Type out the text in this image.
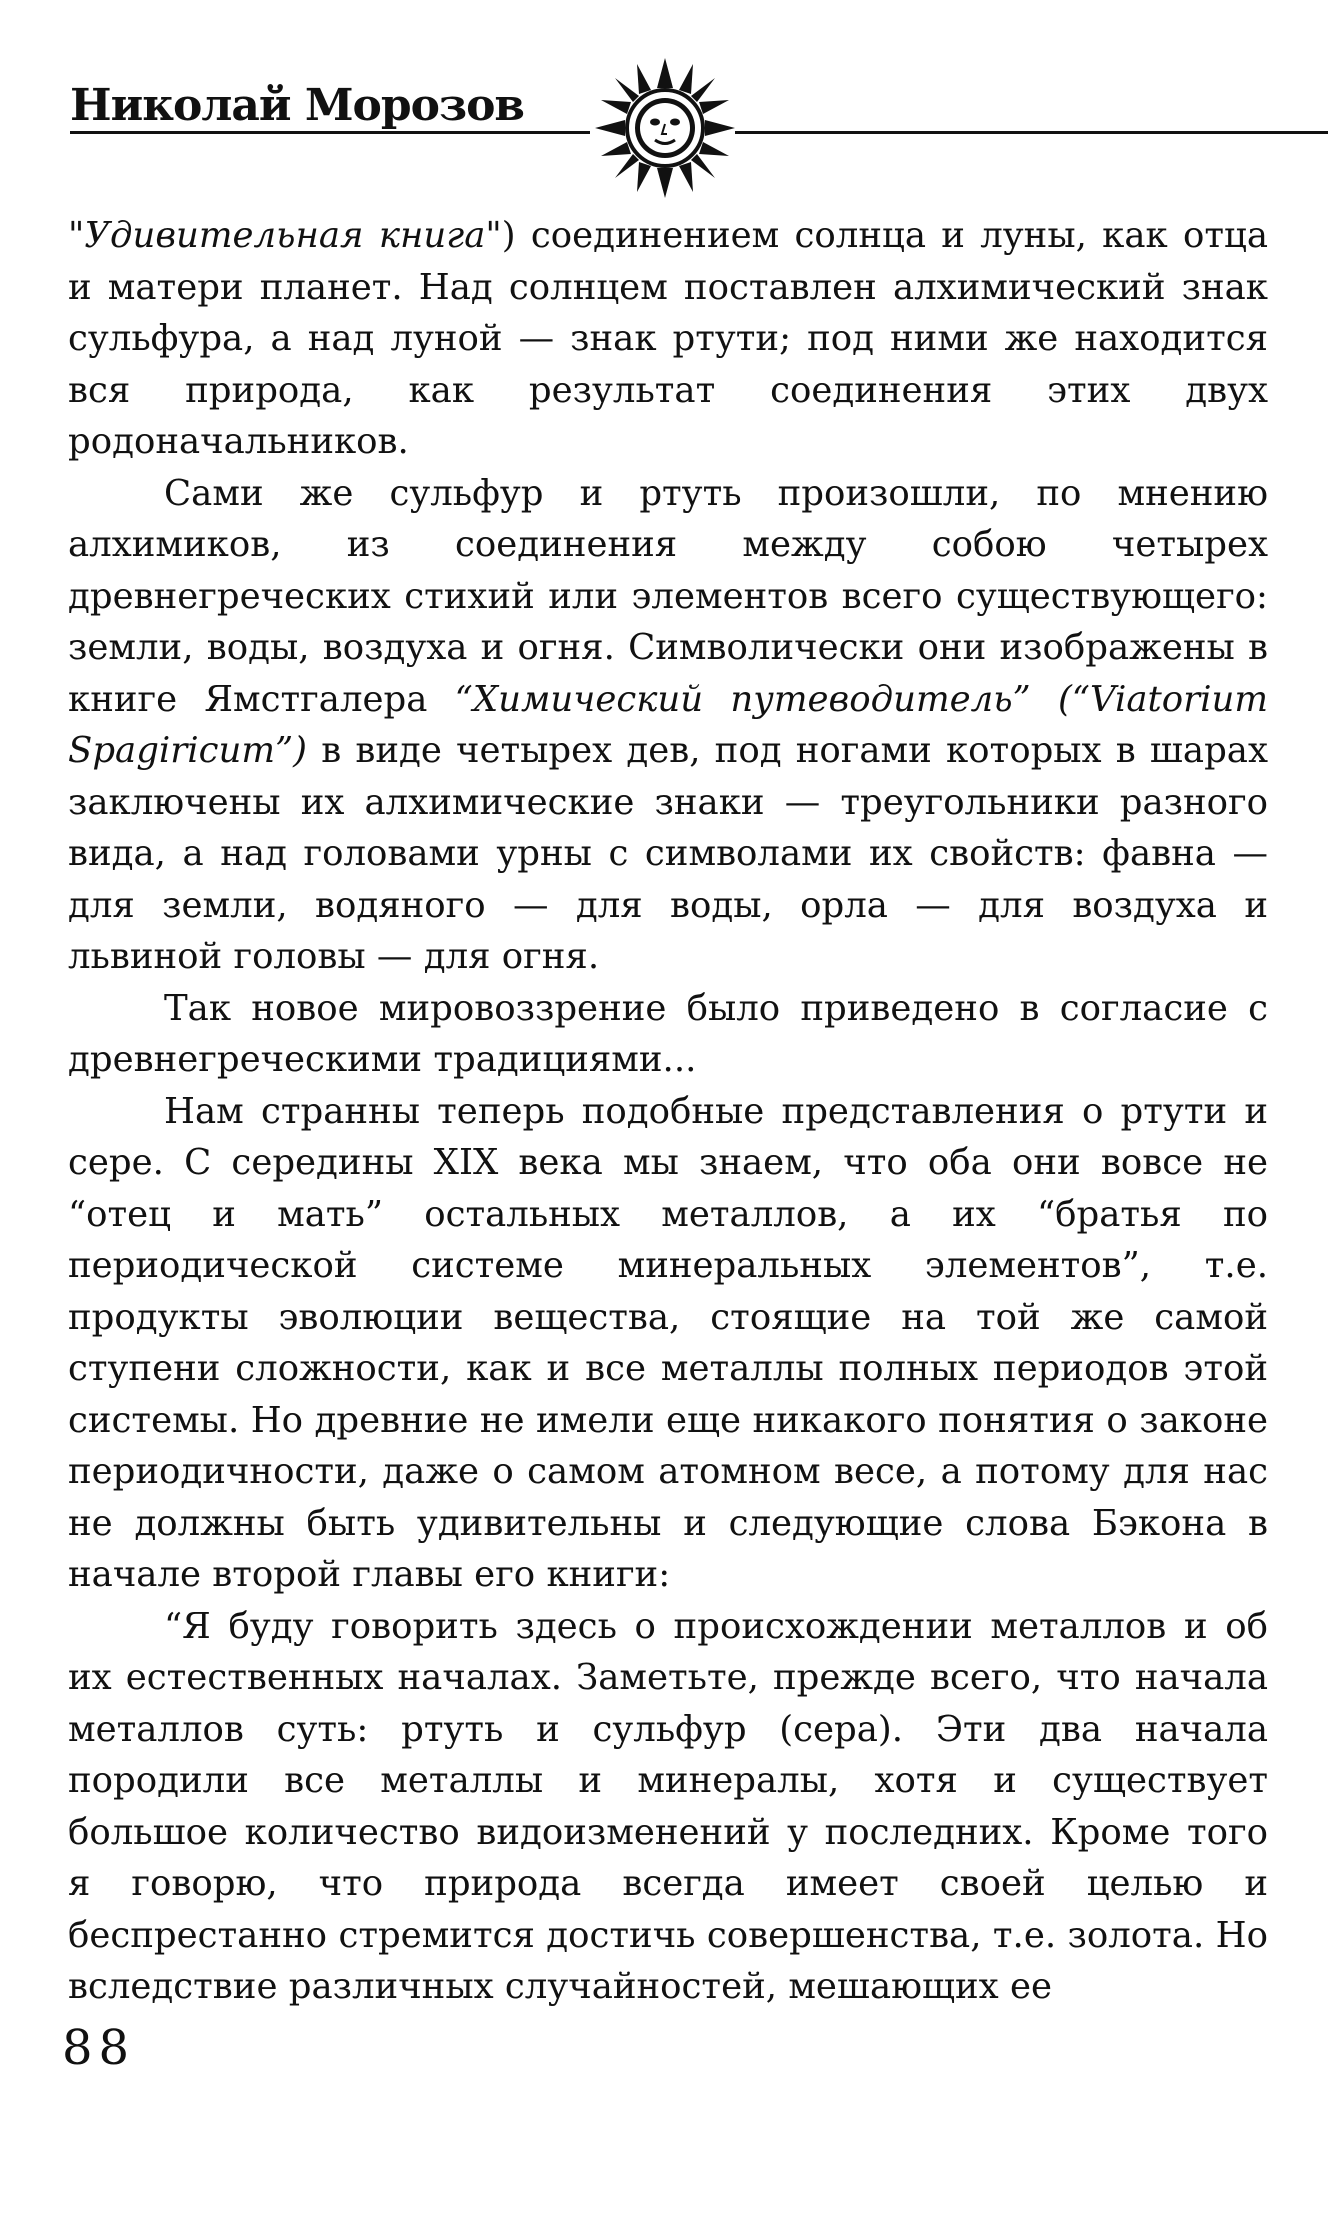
Николай Морозов

"Удивительная книга") соединением солнца и луны, как отца и матери планет. Над солнцем поставлен алхимический знак сульфура, а над луной — знак ртути; под ними же находится вся природа, как результат соединения этих двух родоначальников.

Сами же сульфур и ртуть произошли, по мнению алхимиков, из соединения между собою четырех древнегреческих стихий или элементов всего существующего: земли, воды, воздуха и огня. Символически они изображены в книге Ямстгалера “Химический путеводитель” (“Viatorium Spagiricum”) в виде четырех дев, под ногами которых в шарах заключены их алхимические знаки — треугольники разного вида, а над головами урны с символами их свойств: фавна — для земли, водяного — для воды, орла — для воздуха и львиной головы — для огня.

Так новое мировоззрение было приведено в согласие с древнегреческими традициями...

Нам странны теперь подобные представления о ртути и сере. С середины XIX века мы знаем, что оба они вовсе не “отец и мать” остальных металлов, а их “братья по периодической системе минеральных элементов”, т.е. продукты эволюции вещества, стоящие на той же самой ступени сложности, как и все металлы полных периодов этой системы. Но древние не имели еще никакого понятия о законе периодичности, даже о самом атомном весе, а потому для нас не должны быть удивительны и следующие слова Бэкона в начале второй главы его книги:

“Я буду говорить здесь о происхождении металлов и об их естественных началах. Заметьте, прежде всего, что начала металлов суть: ртуть и сульфур (сера). Эти два начала породили все металлы и минералы, хотя и существует большое количество видоизменений у последних. Кроме того я говорю, что природа всегда имеет своей целью и беспрестанно стремится достичь совершенства, т.е. золота. Но вследствие различных случайностей, мешающих ее

88
